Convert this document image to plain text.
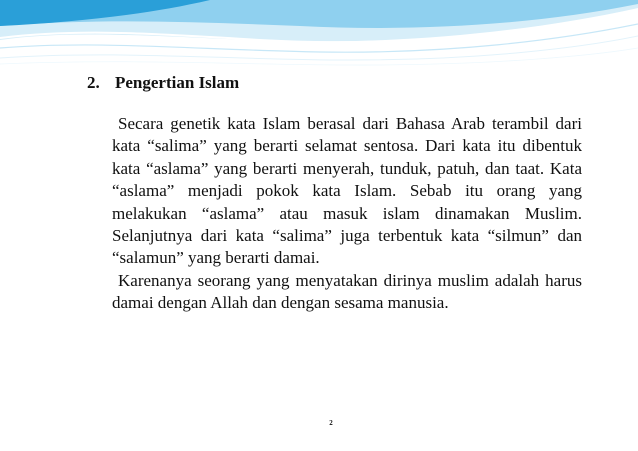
2. Pengertian Islam

Secara genetik kata Islam berasal dari Bahasa Arab terambil dari kata “salima” yang berarti selamat sentosa. Dari kata itu dibentuk kata “aslama” yang berarti menyerah, tunduk, patuh, dan taat. Kata “aslama” menjadi pokok kata Islam. Sebab itu orang yang melakukan “aslama” atau masuk islam dinamakan Muslim. Selanjutnya dari kata “salima” juga terbentuk kata “silmun” dan “salamun” yang berarti damai.

Karenanya seorang yang menyatakan dirinya muslim adalah harus damai dengan Allah dan dengan sesama manusia.

2
